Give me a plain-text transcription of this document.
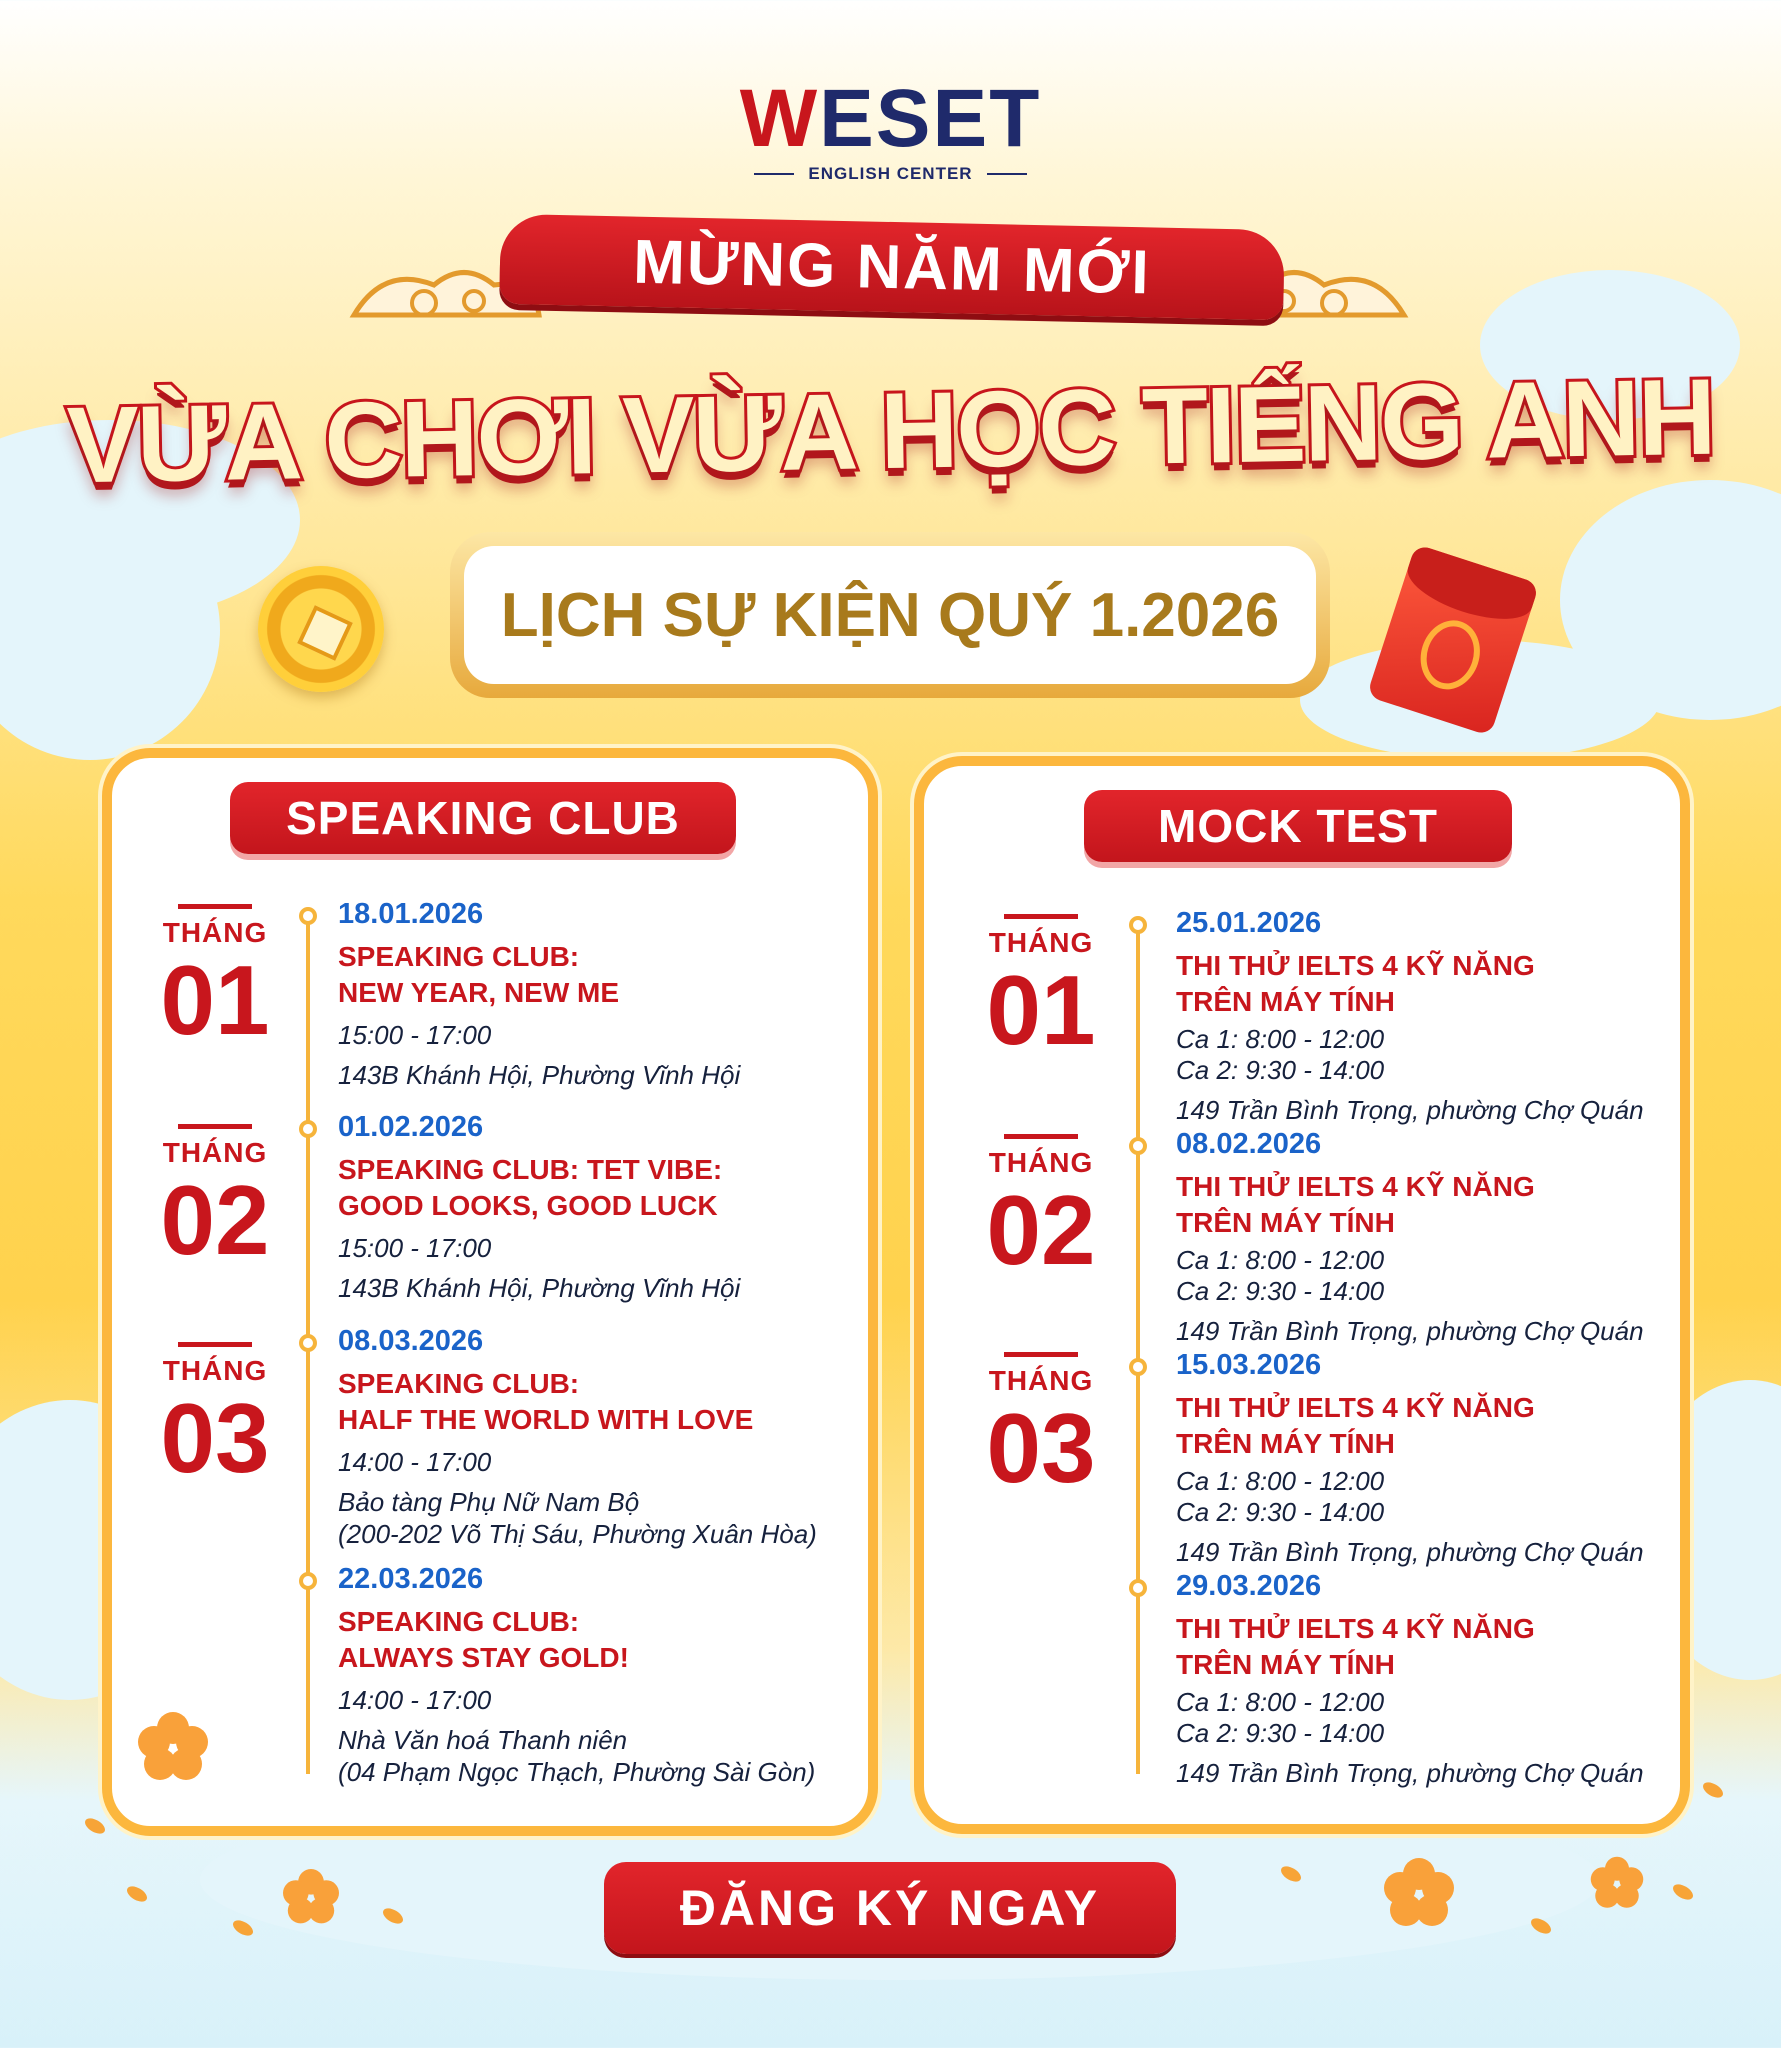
WESET
ENGLISH CENTER
MỪNG NĂM MỚI
VỪA CHƠI VỪA HỌC TIẾNG ANH
LỊCH SỰ KIỆN QUÝ 1.2026
SPEAKING CLUB
THÁNG
01
THÁNG
02
THÁNG
03
18.01.2026
SPEAKING CLUB:
NEW YEAR, NEW ME
15:00 - 17:00
143B Khánh Hội, Phường Vĩnh Hội
01.02.2026
SPEAKING CLUB: TET VIBE:
GOOD LOOKS, GOOD LUCK
15:00 - 17:00
143B Khánh Hội, Phường Vĩnh Hội
08.03.2026
SPEAKING CLUB:
HALF THE WORLD WITH LOVE
14:00 - 17:00
Bảo tàng Phụ Nữ Nam Bộ
(200-202 Võ Thị Sáu, Phường Xuân Hòa)
22.03.2026
SPEAKING CLUB:
ALWAYS STAY GOLD!
14:00 - 17:00
Nhà Văn hoá Thanh niên
(04 Phạm Ngọc Thạch, Phường Sài Gòn)
MOCK TEST
THÁNG
01
THÁNG
02
THÁNG
03
25.01.2026
THI THỬ IELTS 4 KỸ NĂNG
TRÊN MÁY TÍNH
Ca 1: 8:00 - 12:00
Ca 2: 9:30 - 14:00
149 Trần Bình Trọng, phường Chợ Quán
08.02.2026
THI THỬ IELTS 4 KỸ NĂNG
TRÊN MÁY TÍNH
Ca 1: 8:00 - 12:00
Ca 2: 9:30 - 14:00
149 Trần Bình Trọng, phường Chợ Quán
15.03.2026
THI THỬ IELTS 4 KỸ NĂNG
TRÊN MÁY TÍNH
Ca 1: 8:00 - 12:00
Ca 2: 9:30 - 14:00
149 Trần Bình Trọng, phường Chợ Quán
29.03.2026
THI THỬ IELTS 4 KỸ NĂNG
TRÊN MÁY TÍNH
Ca 1: 8:00 - 12:00
Ca 2: 9:30 - 14:00
149 Trần Bình Trọng, phường Chợ Quán
ĐĂNG KÝ NGAY
